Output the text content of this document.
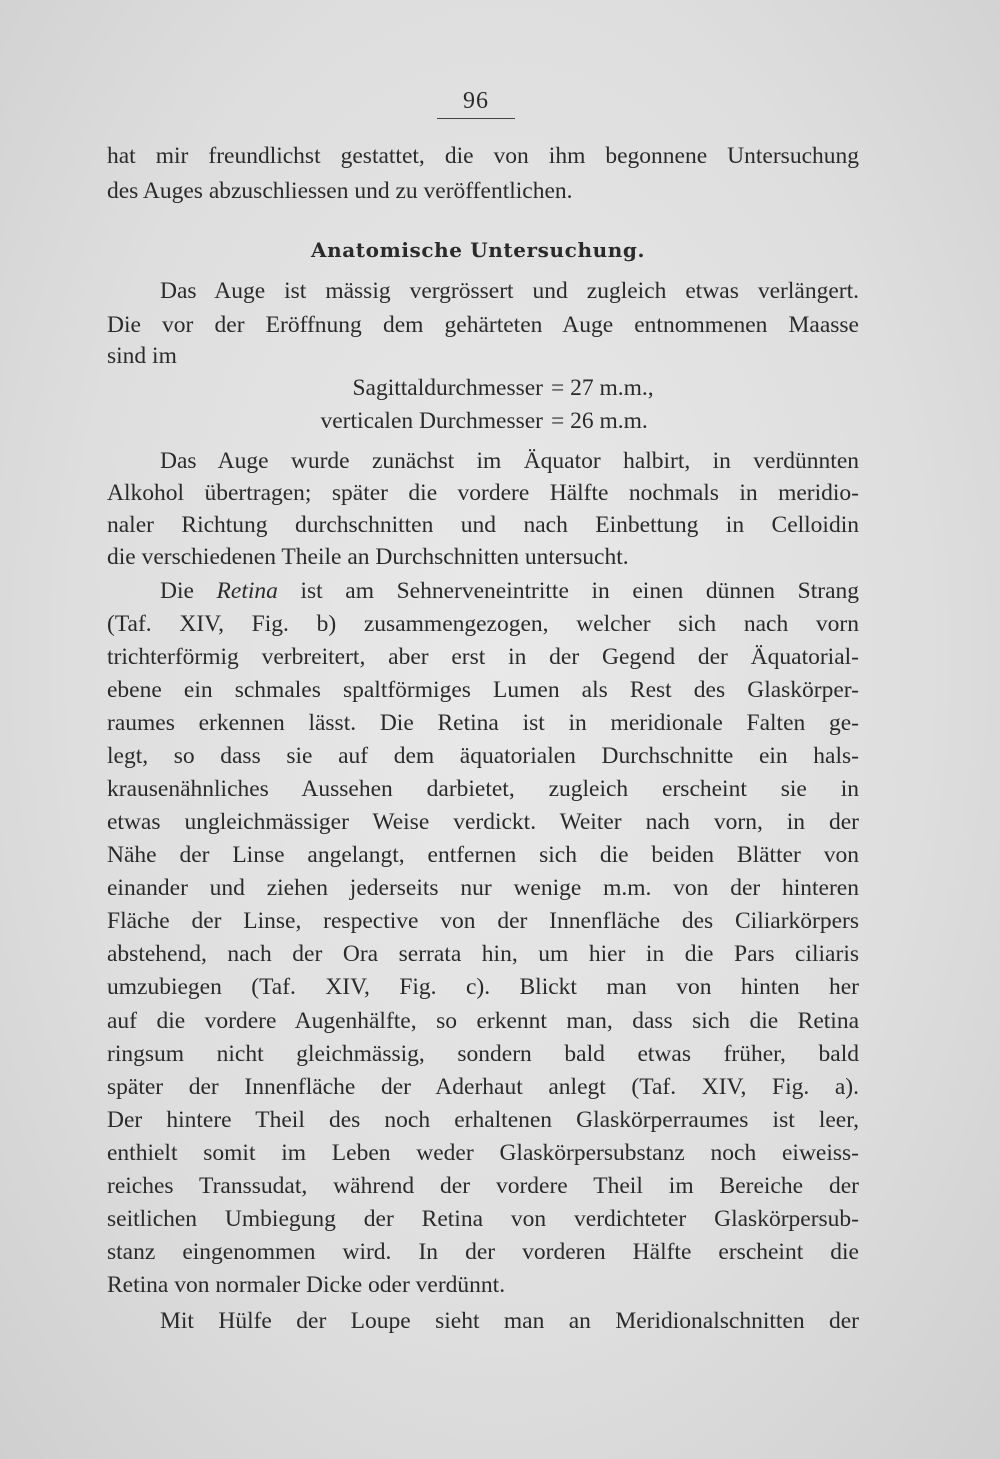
96
hat mir freundlichst gestattet, die von ihm begonnene Untersuchung
des Auges abzuschliessen und zu veröffentlichen.
Anatomische Untersuchung.
Das Auge ist mässig vergrössert und zugleich etwas verlängert.
Die vor der Eröffnung dem gehärteten Auge entnommenen Maasse
sind im
Sagittaldurchmesser = 27 m.m.,
verticalen Durchmesser = 26 m.m.
Das Auge wurde zunächst im Äquator halbirt, in verdünnten
Alkohol übertragen; später die vordere Hälfte nochmals in meridio-
naler Richtung durchschnitten und nach Einbettung in Celloidin
die verschiedenen Theile an Durchschnitten untersucht.
Die Retina ist am Sehnerveneintritte in einen dünnen Strang
(Taf. XIV, Fig. b) zusammengezogen, welcher sich nach vorn
trichterförmig verbreitert, aber erst in der Gegend der Äquatorial-
ebene ein schmales spaltförmiges Lumen als Rest des Glaskörper-
raumes erkennen lässt. Die Retina ist in meridionale Falten ge-
legt, so dass sie auf dem äquatorialen Durchschnitte ein hals-
krausenähnliches Aussehen darbietet, zugleich erscheint sie in
etwas ungleichmässiger Weise verdickt. Weiter nach vorn, in der
Nähe der Linse angelangt, entfernen sich die beiden Blätter von
einander und ziehen jederseits nur wenige m.m. von der hinteren
Fläche der Linse, respective von der Innenfläche des Ciliarkörpers
abstehend, nach der Ora serrata hin, um hier in die Pars ciliaris
umzubiegen (Taf. XIV, Fig. c). Blickt man von hinten her
auf die vordere Augenhälfte, so erkennt man, dass sich die Retina
ringsum nicht gleichmässig, sondern bald etwas früher, bald
später der Innenfläche der Aderhaut anlegt (Taf. XIV, Fig. a).
Der hintere Theil des noch erhaltenen Glaskörperraumes ist leer,
enthielt somit im Leben weder Glaskörpersubstanz noch eiweiss-
reiches Transsudat, während der vordere Theil im Bereiche der
seitlichen Umbiegung der Retina von verdichteter Glaskörpersub-
stanz eingenommen wird. In der vorderen Hälfte erscheint die
Retina von normaler Dicke oder verdünnt.
Mit Hülfe der Loupe sieht man an Meridionalschnitten der
